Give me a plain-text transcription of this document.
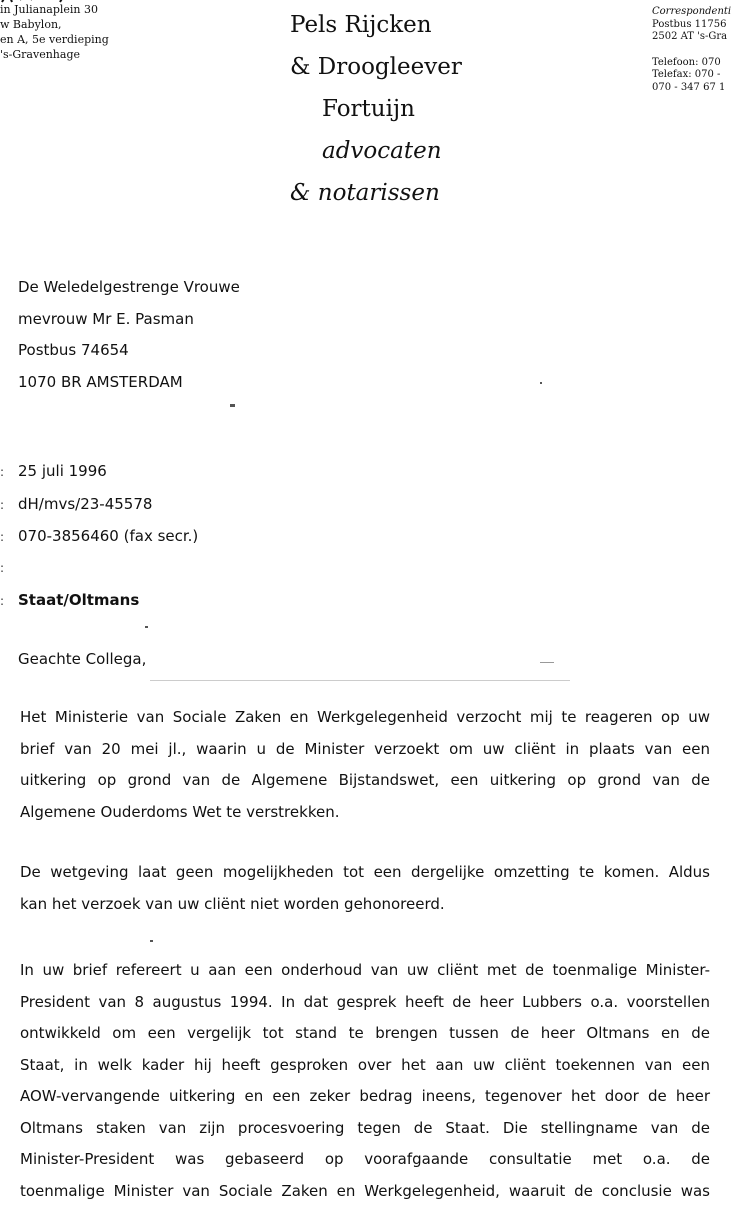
in Julianaplein 30
w Babylon,
en A, 5e verdieping
's-Gravenhage
Pels Rijcken
& Droogleever
Fortuijn
advocaten
& notarissen
Correspondenti
Postbus 11756
2502 AT 's-Gra
Telefoon: 070
Telefax: 070 -
070 - 347 67 1
De Weledelgestrenge Vrouwe
mevrouw Mr E. Pasman
Postbus 74654
1070 BR AMSTERDAM
: 25 juli 1996
: dH/mvs/23-45578
: 070-3856460 (fax secr.)
:
: Staat/Oltmans
Geachte Collega,
Het Ministerie van Sociale Zaken en Werkgelegenheid verzocht mij te reageren op uw
brief van 20 mei jl., waarin u de Minister verzoekt om uw cliënt in plaats van een
uitkering op grond van de Algemene Bijstandswet, een uitkering op grond van de
Algemene Ouderdoms Wet te verstrekken.
De wetgeving laat geen mogelijkheden tot een dergelijke omzetting te komen. Aldus
kan het verzoek van uw cliënt niet worden gehonoreerd.
In uw brief refereert u aan een onderhoud van uw cliënt met de toenmalige Minister-
President van 8 augustus 1994. In dat gesprek heeft de heer Lubbers o.a. voorstellen
ontwikkeld om een vergelijk tot stand te brengen tussen de heer Oltmans en de
Staat, in welk kader hij heeft gesproken over het aan uw cliënt toekennen van een
AOW-vervangende uitkering en een zeker bedrag ineens, tegenover het door de heer
Oltmans staken van zijn procesvoering tegen de Staat. Die stellingname van de
Minister-President was gebaseerd op voorafgaande consultatie met o.a. de
toenmalige Minister van Sociale Zaken en Werkgelegenheid, waaruit de conclusie was
